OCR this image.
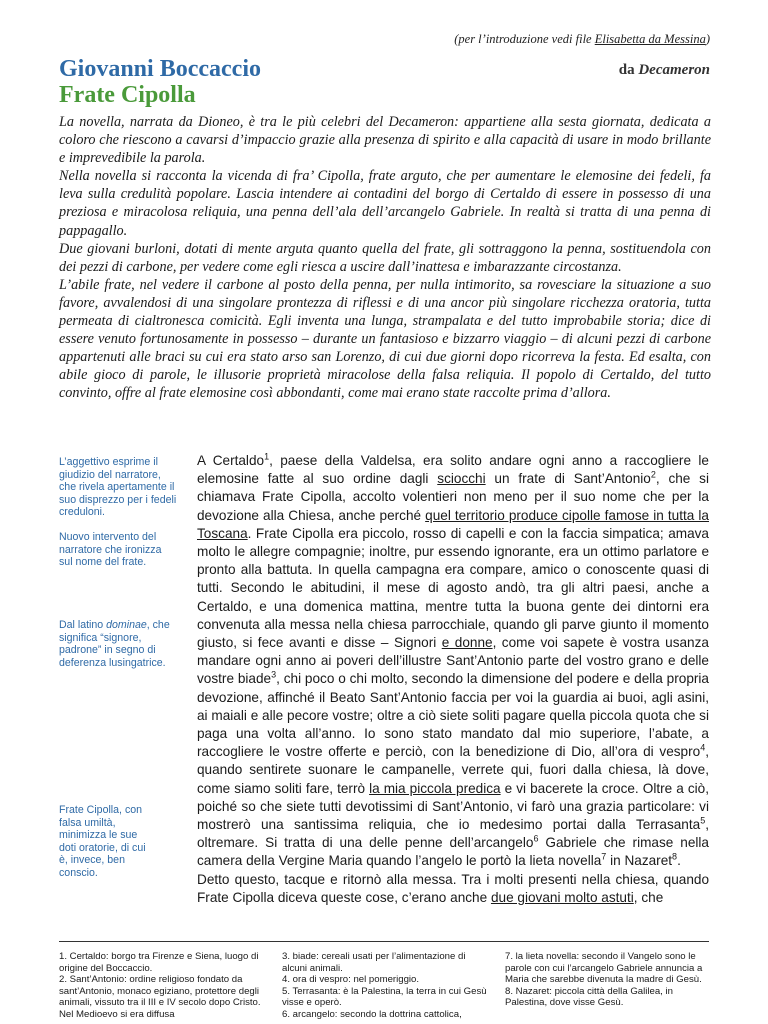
(per l’introduzione vedi file Elisabetta da Messina)
Giovanni Boccaccio
Frate Cipolla
da Decameron

La novella, narrata da Dioneo, è tra le più celebri del Decameron: appartiene alla sesta giornata, dedicata a coloro che riescono a cavarsi d’impaccio grazie alla presenza di spirito e alla capacità di usare in modo brillante e imprevedibile la parola.

Nella novella si racconta la vicenda di fra’ Cipolla, frate arguto, che per aumentare le elemosine dei fedeli, fa leva sulla credulità popolare. Lascia intendere ai contadini del borgo di Certaldo di essere in possesso di una preziosa e miracolosa reliquia, una penna dell’ala dell’arcangelo Gabriele. In realtà si tratta di una penna di pappagallo.

Due giovani burloni, dotati di mente arguta quanto quella del frate, gli sottraggono la penna, sostituendola con dei pezzi di carbone, per vedere come egli riesca a uscire dall’inattesa e imbarazzante circostanza.

L’abile frate, nel vedere il carbone al posto della penna, per nulla intimorito, sa rovesciare la situazione a suo favore, avvalendosi di una singolare prontezza di riflessi e di una ancor più singolare ricchezza oratoria, tutta permeata di cialtronesca comicità. Egli inventa una lunga, strampalata e del tutto improbabile storia; dice di essere venuto fortunosamente in possesso – durante un fantasioso e bizzarro viaggio – di alcuni pezzi di carbone appartenuti alle braci su cui era stato arso san Lorenzo, di cui due giorni dopo ricorreva la festa. Ed esalta, con abile gioco di parole, le illusorie proprietà miracolose della falsa reliquia. Il popolo di Certaldo, del tutto convinto, offre al frate elemosine così abbondanti, come mai erano state raccolte prima d’allora.

L’aggettivo esprime il giudizio del narratore, che rivela apertamente il suo disprezzo per i fedeli creduloni.
Nuovo intervento del narratore che ironizza sul nome del frate.
Dal latino dominae, che significa “signore, padrone” in segno di deferenza lusingatrice.
Frate Cipolla, con falsa umiltà, minimizza le sue doti oratorie, di cui è, invece, ben conscio.

A Certaldo$^1$, paese della Valdelsa, era solito andare ogni anno a raccogliere le elemosine fatte al suo ordine dagli sciocchi un frate di Sant’Antonio$^2$, che si chiamava Frate Cipolla, accolto volentieri non meno per il suo nome che per la devozione alla Chiesa, anche perché quel territorio produce cipolle famose in tutta la Toscana. Frate Cipolla era piccolo, rosso di capelli e con la faccia simpatica; amava molto le allegre compagnie; inoltre, pur essendo ignorante, era un ottimo parlatore e pronto alla battuta. In quella campagna era compare, amico o conoscente quasi di tutti. Secondo le abitudini, il mese di agosto andò, tra gli altri paesi, anche a Certaldo, e una domenica mattina, mentre tutta la buona gente dei dintorni era convenuta alla messa nella chiesa parrocchiale, quando gli parve giunto il momento giusto, si fece avanti e disse – Signori e donne, come voi sapete è vostra usanza mandare ogni anno ai poveri dell’illustre Sant’Antonio parte del vostro grano e delle vostre biade$^3$, chi poco o chi molto, secondo la dimensione del podere e della propria devozione, affinché il Beato Sant’Antonio faccia per voi la guardia ai buoi, agli asini, ai maiali e alle pecore vostre; oltre a ciò siete soliti pagare quella piccola quota che si paga una volta all’anno. Io sono stato mandato dal mio superiore, l’abate, a raccogliere le vostre offerte e perciò, con la benedizione di Dio, all’ora di vespro$^4$, quando sentirete suonare le campanelle, verrete qui, fuori dalla chiesa, là dove, come siamo soliti fare, terrò la mia piccola predica e vi bacerete la croce. Oltre a ciò, poiché so che siete tutti devotissimi di Sant’Antonio, vi farò una grazia particolare: vi mostrerò una santissima reliquia, che io medesimo portai dalla Terrasanta$^5$, oltremare. Si tratta di una delle penne dell’arcangelo$^6$ Gabriele che rimase nella camera della Vergine Maria quando l’angelo le portò la lieta novella$^7$ in Nazaret$^8$.

Detto questo, tacque e ritornò alla messa. Tra i molti presenti nella chiesa, quando Frate Cipolla diceva queste cose, c’erano anche due giovani molto astuti, che

1. Certaldo: borgo tra Firenze e Siena, luogo di origine del Boccaccio.

2. Sant’Antonio: ordine religioso fondato da sant’Antonio, monaco egiziano, protettore degli animali, vissuto tra il III e IV secolo dopo Cristo. Nel Medioevo si era diffusa

3. biade: cereali usati per l’alimentazione di alcuni animali.

4. ora di vespro: nel pomeriggio.

5. Terrasanta: è la Palestina, la terra in cui Gesù visse e operò.

6. arcangelo: secondo la dottrina cattolica,

7. la lieta novella: secondo il Vangelo sono le parole con cui l’arcangelo Gabriele annuncia a Maria che sarebbe divenuta la madre di Gesù.

8. Nazaret: piccola città della Galilea, in Palestina, dove visse Gesù.
